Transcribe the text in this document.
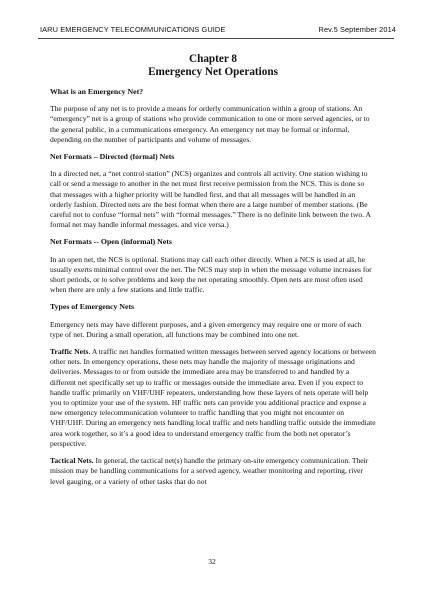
IARU EMERGENCY TELECOMMUNICATIONS GUIDE	Rev.5 September 2014
Chapter 8
Emergency Net Operations
What is an Emergency Net?

The purpose of any net is to provide a means for orderly communication within a group of stations. An “emergency” net is a group of stations who provide communication to one or more served agencies, or to the general public, in a communications emergency. An emergency net may be formal or informal, depending on the number of participants and volume of messages.

Net Formats – Directed (formal) Nets

In a directed net, a “net control station” (NCS) organizes and controls all activity. One station wishing to call or send a message to another in the net must first receive permission from the NCS. This is done so that messages with a higher priority will be handled first, and that all messages will be handled in an orderly fashion. Directed nets are the best format when there are a large number of member stations. (Be careful not to confuse “formal nets” with “formal messages.” There is no definite link between the two. A formal net may handle informal messages, and vice versa.)

Net Formats -- Open (informal) Nets

In an open net, the NCS is optional. Stations may call each other directly. When a NCS is used at all, he usually exerts minimal control over the net. The NCS may step in when the message volume increases for short periods, or to solve problems and keep the net operating smoothly. Open nets are most often used when there are only a few stations and little traffic.

Types of Emergency Nets

Emergency nets may have different purposes, and a given emergency may require one or more of each type of net. During a small operation, all functions may be combined into one net.

Traffic Nets. A traffic net handles formatted written messages between served agency locations or between other nets. In emergency operations, these nets may handle the majority of message originations and deliveries. Messages to or from outside the immediate area may be transferred to and handled by a different net specifically set up to traffic or messages outside the immediate area. Even if you expect to handle traffic primarily on VHF/UHF repeaters, understanding how these layers of nets operate will help you to optimize your use of the system. HF traffic nets can provide you additional practice and expose a new emergency telecommunication volunteer to traffic handling that you might not encounter on VHF/UHF. During an emergency nets handling local traffic and nets handling traffic outside the immediate area work together, so it’s a good idea to understand emergency traffic from the both net operator’s perspective.

Tactical Nets. In general, the tactical net(s) handle the primary on-site emergency communication. Their mission may be handling communications for a served agency, weather monitoring and reporting, river level gauging, or a variety of other tasks that do not

32
